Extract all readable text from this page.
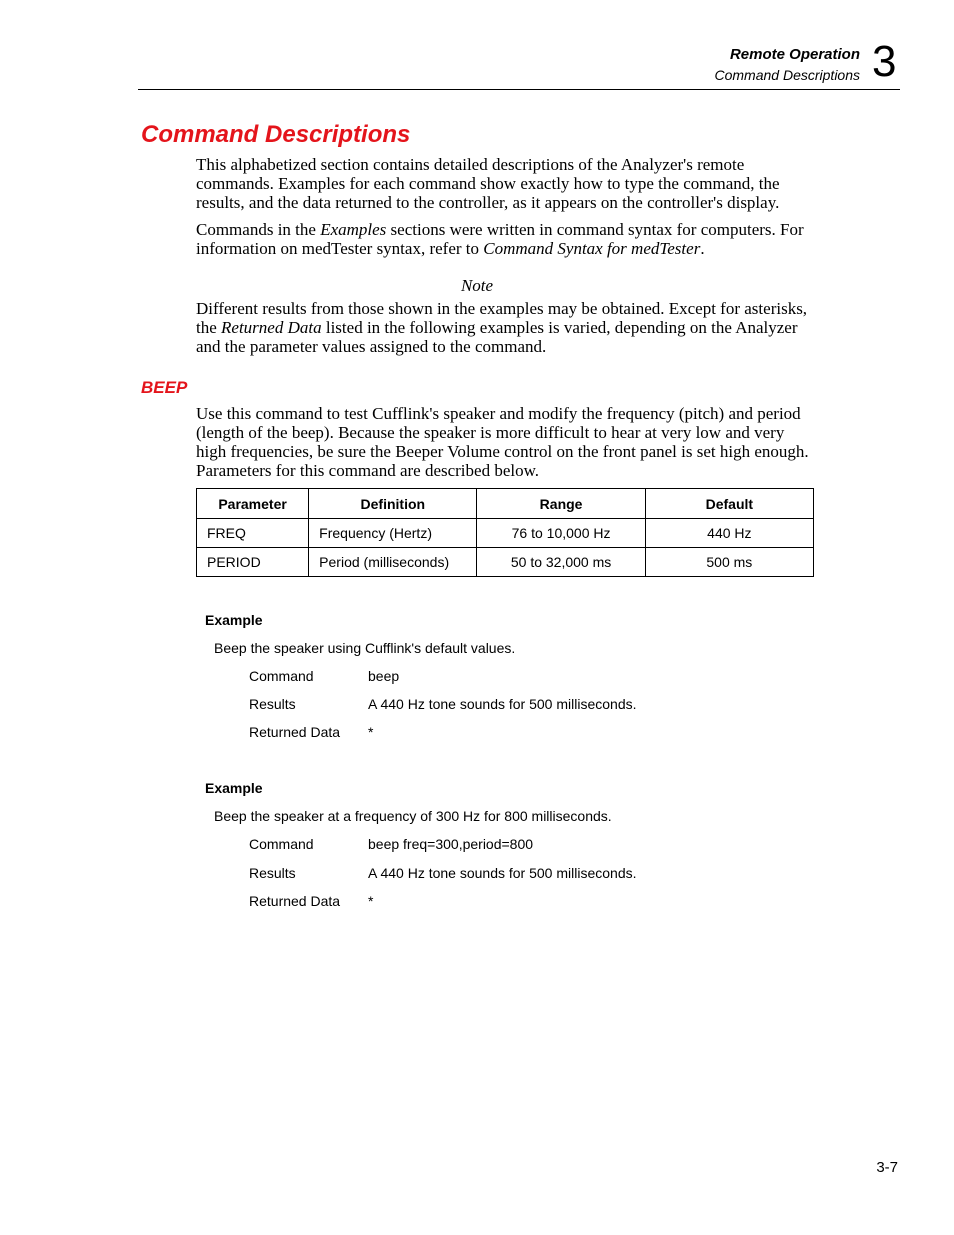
Remote Operation
Command Descriptions 3
Command Descriptions
This alphabetized section contains detailed descriptions of the Analyzer's remote commands. Examples for each command show exactly how to type the command, the results, and the data returned to the controller, as it appears on the controller's display.
Commands in the Examples sections were written in command syntax for computers. For information on medTester syntax, refer to Command Syntax for medTester.
Note
Different results from those shown in the examples may be obtained. Except for asterisks, the Returned Data listed in the following examples is varied, depending on the Analyzer and the parameter values assigned to the command.
BEEP
Use this command to test Cufflink's speaker and modify the frequency (pitch) and period (length of the beep). Because the speaker is more difficult to hear at very low and very high frequencies, be sure the Beeper Volume control on the front panel is set high enough. Parameters for this command are described below.
Parameter	Definition	Range	Default
FREQ	Frequency (Hertz)	76 to 10,000 Hz	440 Hz
PERIOD	Period (milliseconds)	50 to 32,000 ms	500 ms
Example
Beep the speaker using Cufflink's default values.
Command	beep
Results	A 440 Hz tone sounds for 500 milliseconds.
Returned Data *
Example
Beep the speaker at a frequency of 300 Hz for 800 milliseconds.
Command	beep freq=300,period=800
Results	A 440 Hz tone sounds for 500 milliseconds.
Returned Data *
3-7
